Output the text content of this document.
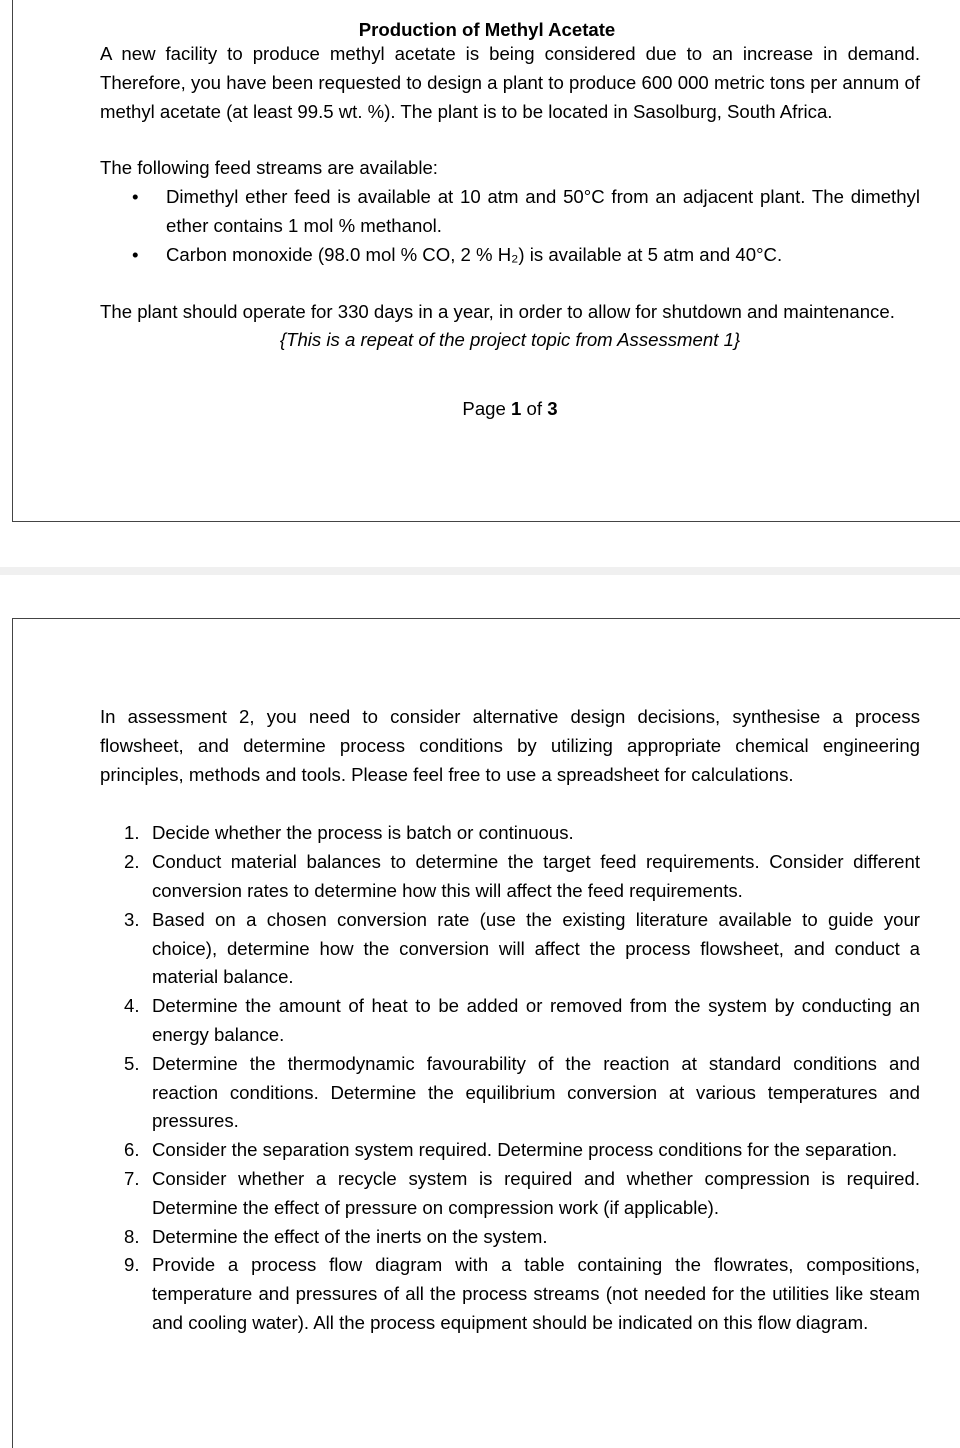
Production of Methyl Acetate

A new facility to produce methyl acetate is being considered due to an increase in demand. Therefore, you have been requested to design a plant to produce 600 000 metric tons per annum of methyl acetate (at least 99.5 wt. %). The plant is to be located in Sasolburg, South Africa.

The following feed streams are available:

• Dimethyl ether feed is available at 10 atm and 50°C from an adjacent plant. The dimethyl ether contains 1 mol % methanol.
• Carbon monoxide (98.0 mol % CO, 2 % H₂) is available at 5 atm and 40°C.

The plant should operate for 330 days in a year, in order to allow for shutdown and maintenance.

{This is a repeat of the project topic from Assessment 1}

Page 1 of 3

In assessment 2, you need to consider alternative design decisions, synthesise a process flowsheet, and determine process conditions by utilizing appropriate chemical engineering principles, methods and tools. Please feel free to use a spreadsheet for calculations.

1. Decide whether the process is batch or continuous.
2. Conduct material balances to determine the target feed requirements. Consider different conversion rates to determine how this will affect the feed requirements.
3. Based on a chosen conversion rate (use the existing literature available to guide your choice), determine how the conversion will affect the process flowsheet, and conduct a material balance.
4. Determine the amount of heat to be added or removed from the system by conducting an energy balance.
5. Determine the thermodynamic favourability of the reaction at standard conditions and reaction conditions. Determine the equilibrium conversion at various temperatures and pressures.
6. Consider the separation system required. Determine process conditions for the separation.
7. Consider whether a recycle system is required and whether compression is required. Determine the effect of pressure on compression work (if applicable).
8. Determine the effect of the inerts on the system.
9. Provide a process flow diagram with a table containing the flowrates, compositions, temperature and pressures of all the process streams (not needed for the utilities like steam and cooling water). All the process equipment should be indicated on this flow diagram.
